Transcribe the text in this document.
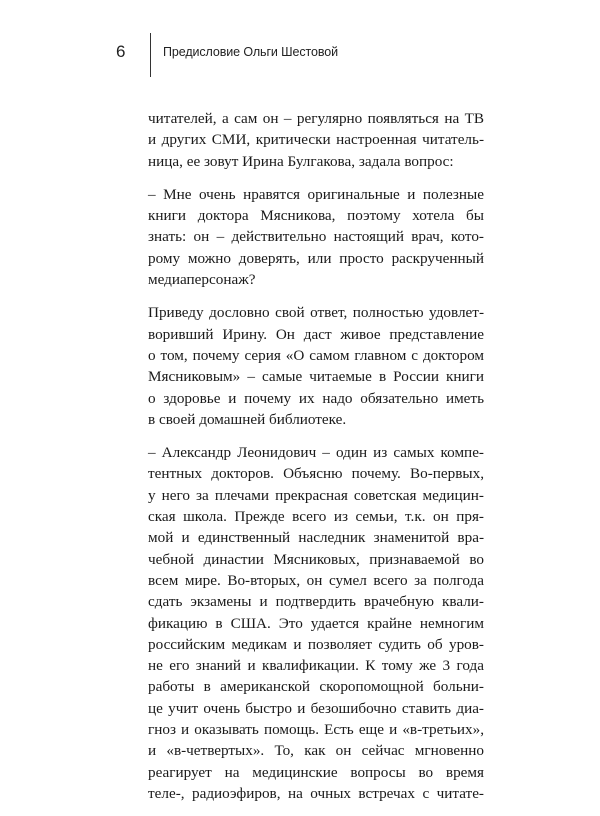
6	Предисловие Ольги Шестовой
читателей, а сам он – регулярно появляться на ТВ
и других СМИ, критически настроенная читатель-
ница, ее зовут Ирина Булгакова, задала вопрос:
– Мне очень нравятся оригинальные и полезные
книги доктора Мясникова, поэтому хотела бы
знать: он – действительно настоящий врач, кото-
рому можно доверять, или просто раскрученный
медиаперсонаж?
Приведу дословно свой ответ, полностью удовлет-
воривший Ирину. Он даст живое представление
о том, почему серия «О самом главном с доктором
Мясниковым» – самые читаемые в России книги
о здоровье и почему их надо обязательно иметь
в своей домашней библиотеке.
– Александр Леонидович – один из самых компе-
тентных докторов. Объясню почему. Во-первых,
у него за плечами прекрасная советская медицин-
ская школа. Прежде всего из семьи, т.к. он пря-
мой и единственный наследник знаменитой вра-
чебной династии Мясниковых, признаваемой во
всем мире. Во-вторых, он сумел всего за полгода
сдать экзамены и подтвердить врачебную квали-
фикацию в США. Это удается крайне немногим
российским медикам и позволяет судить об уров-
не его знаний и квалификации. К тому же 3 года
работы в американской скоропомощной больни-
це учит очень быстро и безошибочно ставить диа-
гноз и оказывать помощь. Есть еще и «в-третьих»,
и «в-четвертых». То, как он сейчас мгновенно
реагирует на медицинские вопросы во время
теле-, радиоэфиров, на очных встречах с читате-
